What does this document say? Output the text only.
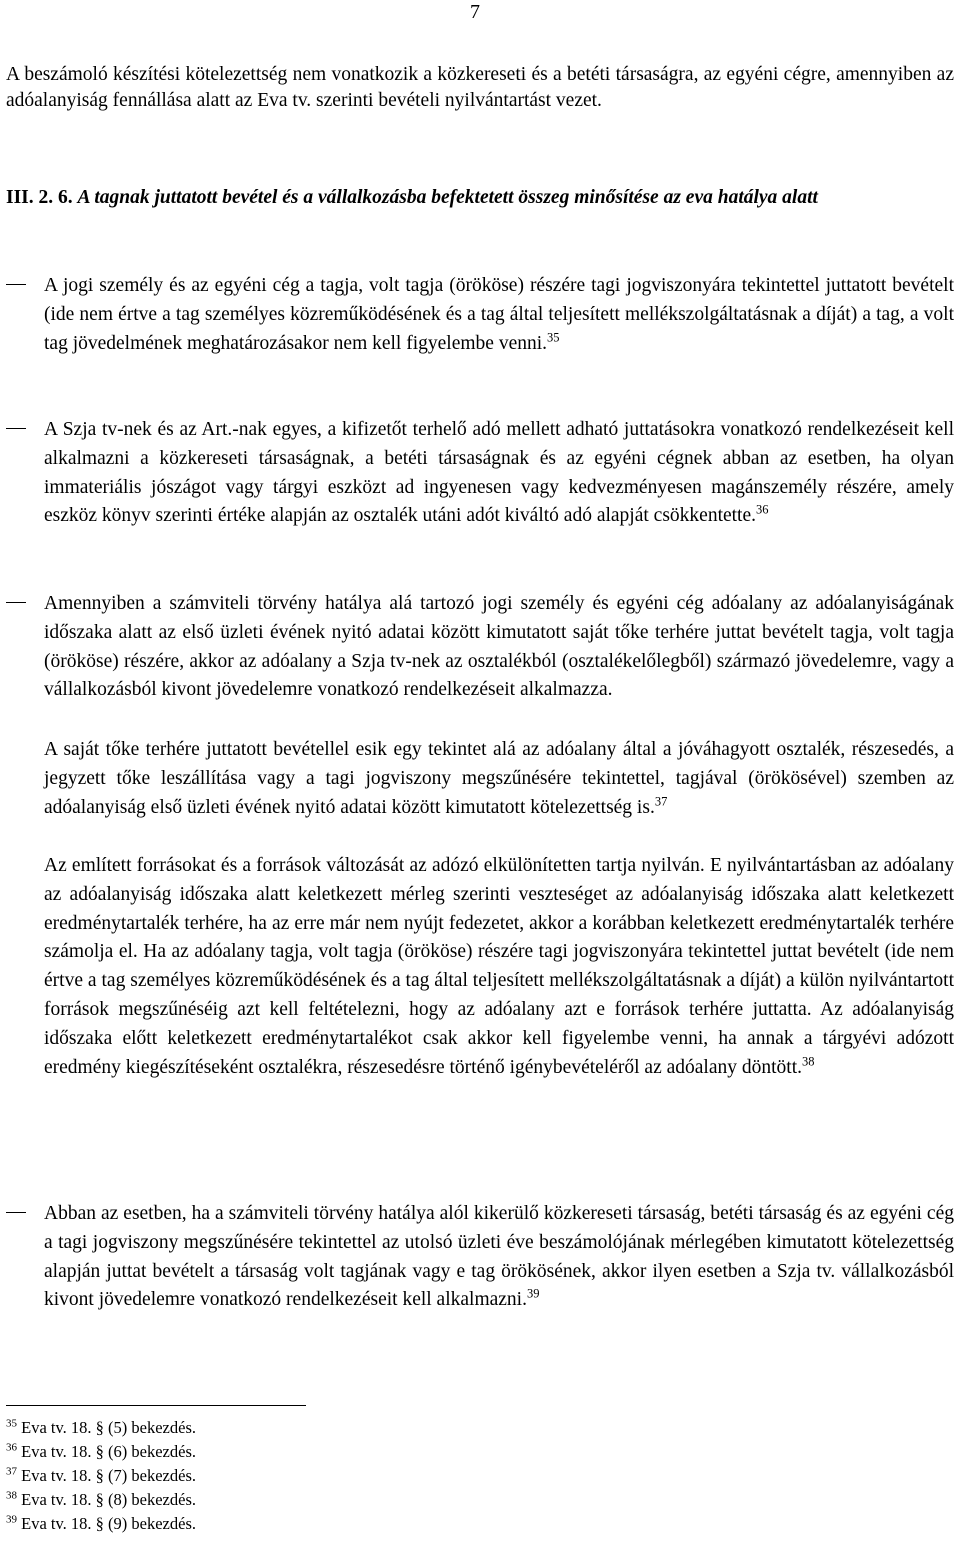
7

A beszámoló készítési kötelezettség nem vonatkozik a közkereseti és a betéti társaságra, az egyéni cégre, amennyiben az adóalanyiság fennállása alatt az Eva tv. szerinti bevételi nyilvántartást vezet.

III. 2. 6. A tagnak juttatott bevétel és a vállalkozásba befektetett összeg minősítése az eva hatálya alatt

A jogi személy és az egyéni cég a tagja, volt tagja (örököse) részére tagi jogviszonyára tekintettel juttatott bevételt (ide nem értve a tag személyes közreműködésének és a tag által teljesített mellékszolgáltatásnak a díját) a tag, a volt tag jövedelmének meghatározásakor nem kell figyelembe venni.$^{35}$

A Szja tv-nek és az Art.-nak egyes, a kifizetőt terhelő adó mellett adható juttatásokra vonatkozó rendelkezéseit kell alkalmazni a közkereseti társaságnak, a betéti társaságnak és az egyéni cégnek abban az esetben, ha olyan immateriális jószágot vagy tárgyi eszközt ad ingyenesen vagy kedvezményesen magánszemély részére, amely eszköz könyv szerinti értéke alapján az osztalék utáni adót kiváltó adó alapját csökkentette.$^{36}$

Amennyiben a számviteli törvény hatálya alá tartozó jogi személy és egyéni cég adóalany az adóalanyiságának időszaka alatt az első üzleti évének nyitó adatai között kimutatott saját tőke terhére juttat bevételt tagja, volt tagja (örököse) részére, akkor az adóalany a Szja tv-nek az osztalékból (osztalékelőlegből) származó jövedelemre, vagy a vállalkozásból kivont jövedelemre vonatkozó rendelkezéseit alkalmazza.

A saját tőke terhére juttatott bevétellel esik egy tekintet alá az adóalany által a jóváhagyott osztalék, részesedés, a jegyzett tőke leszállítása vagy a tagi jogviszony megszűnésére tekintettel, tagjával (örökösével) szemben az adóalanyiság első üzleti évének nyitó adatai között kimutatott kötelezettség is.$^{37}$

Az említett forrásokat és a források változását az adózó elkülönítetten tartja nyilván. E nyilvántartásban az adóalany az adóalanyiság időszaka alatt keletkezett mérleg szerinti veszteséget az adóalanyiság időszaka alatt keletkezett eredménytartalék terhére, ha az erre már nem nyújt fedezetet, akkor a korábban keletkezett eredménytartalék terhére számolja el. Ha az adóalany tagja, volt tagja (örököse) részére tagi jogviszonyára tekintettel juttat bevételt (ide nem értve a tag személyes közreműködésének és a tag által teljesített mellékszolgáltatásnak a díját) a külön nyilvántartott források megszűnéséig azt kell feltételezni, hogy az adóalany azt e források terhére juttatta. Az adóalanyiság időszaka előtt keletkezett eredménytartalékot csak akkor kell figyelembe venni, ha annak a tárgyévi adózott eredmény kiegészítéseként osztalékra, részesedésre történő igénybevételéről az adóalany döntött.$^{38}$

Abban az esetben, ha a számviteli törvény hatálya alól kikerülő közkereseti társaság, betéti társaság és az egyéni cég a tagi jogviszony megszűnésére tekintettel az utolsó üzleti éve beszámolójának mérlegében kimutatott kötelezettség alapján juttat bevételt a társaság volt tagjának vagy e tag örökösének, akkor ilyen esetben a Szja tv. vállalkozásból kivont jövedelemre vonatkozó rendelkezéseit kell alkalmazni.$^{39}$

$^{35}$ Eva tv. 18. § (5) bekezdés.
$^{36}$ Eva tv. 18. § (6) bekezdés.
$^{37}$ Eva tv. 18. § (7) bekezdés.
$^{38}$ Eva tv. 18. § (8) bekezdés.
$^{39}$ Eva tv. 18. § (9) bekezdés.
